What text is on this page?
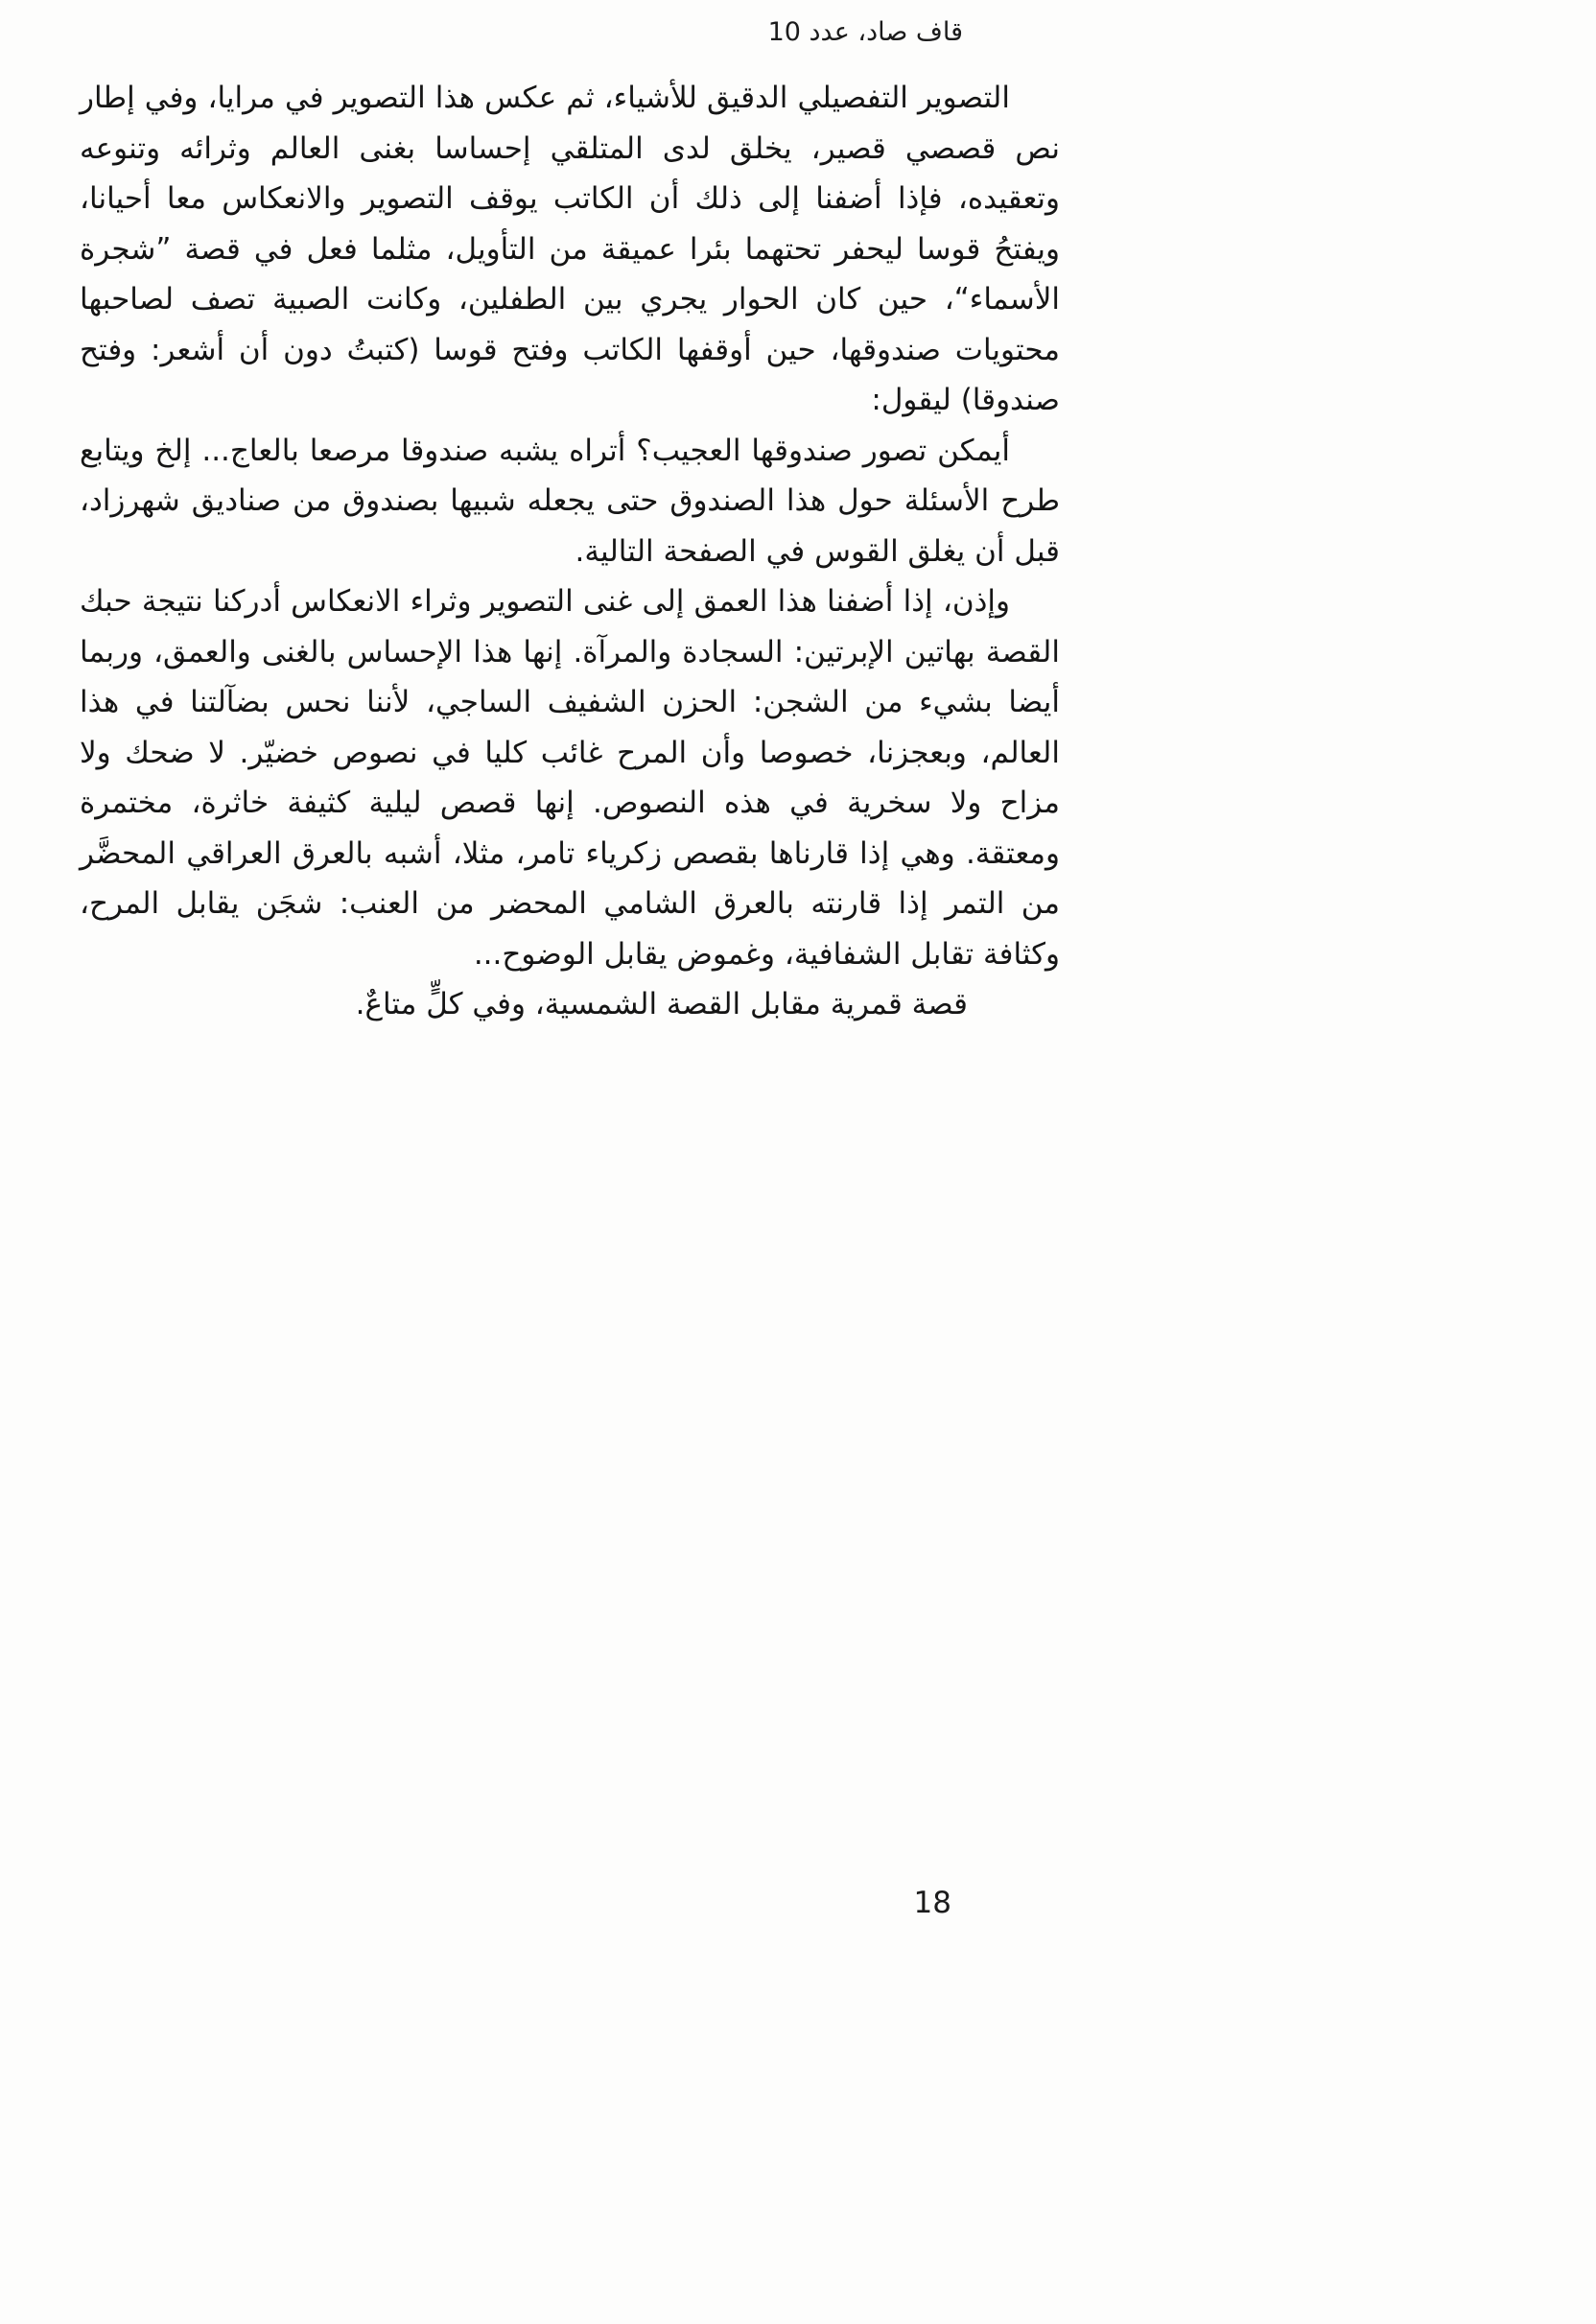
قاف صاد، عدد 10

التصوير التفصيلي الدقيق للأشياء، ثم عكس هذا التصوير في مرايا، وفي إطار نص قصصي قصير، يخلق لدى المتلقي إحساسا بغنى العالم وثرائه وتنوعه وتعقيده، فإذا أضفنا إلى ذلك أن الكاتب يوقف التصوير والانعكاس معا أحيانا، ويفتحُ قوسا ليحفر تحتهما بئرا عميقة من التأويل، مثلما فعل في قصة ”شجرة الأسماء“، حين كان الحوار يجري بين الطفلين، وكانت الصبية تصف لصاحبها محتويات صندوقها، حين أوقفها الكاتب وفتح قوسا (كتبتُ دون أن أشعر: وفتح صندوقا) ليقول:

أيمكن تصور صندوقها العجيب؟ أتراه يشبه صندوقا مرصعا بالعاج... إلخ ويتابع طرح الأسئلة حول هذا الصندوق حتى يجعله شبيها بصندوق من صناديق شهرزاد، قبل أن يغلق القوس في الصفحة التالية.

وإذن، إذا أضفنا هذا العمق إلى غنى التصوير وثراء الانعكاس أدركنا نتيجة حبك القصة بهاتين الإبرتين: السجادة والمرآة. إنها هذا الإحساس بالغنى والعمق، وربما أيضا بشيء من الشجن: الحزن الشفيف الساجي، لأننا نحس بضآلتنا في هذا العالم، وبعجزنا، خصوصا وأن المرح غائب كليا في نصوص خضيّر. لا ضحك ولا مزاح ولا سخرية في هذه النصوص. إنها قصص ليلية كثيفة خاثرة، مختمرة ومعتقة. وهي إذا قارناها بقصص زكرياء تامر، مثلا، أشبه بالعرق العراقي المحضَّر من التمر إذا قارنته بالعرق الشامي المحضر من العنب: شجَن يقابل المرح، وكثافة تقابل الشفافية، وغموض يقابل الوضوح...

قصة قمرية مقابل القصة الشمسية، وفي كلٍّ متاعٌ.

18
